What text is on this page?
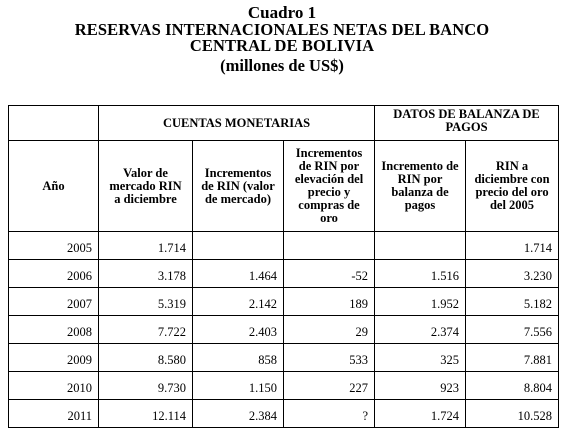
Cuadro 1
RESERVAS INTERNACIONALES NETAS DEL BANCO
CENTRAL DE BOLIVIA
(millones de US$)
	CUENTAS MONETARIAS			DATOS DE BALANZA DE PAGOS	
Año	Valor de mercado RIN a diciembre	Incrementos de RIN (valor de mercado)	Incrementos de RIN por elevación del precio y compras de oro	Incremento de RIN por balanza de pagos	RIN a diciembre con precio del oro del 2005
2005	1.714				1.714
2006	3.178	1.464	-52	1.516	3.230
2007	5.319	2.142	189	1.952	5.182
2008	7.722	2.403	29	2.374	7.556
2009	8.580	858	533	325	7.881
2010	9.730	1.150	227	923	8.804
2011	12.114	2.384	?	1.724	10.528
